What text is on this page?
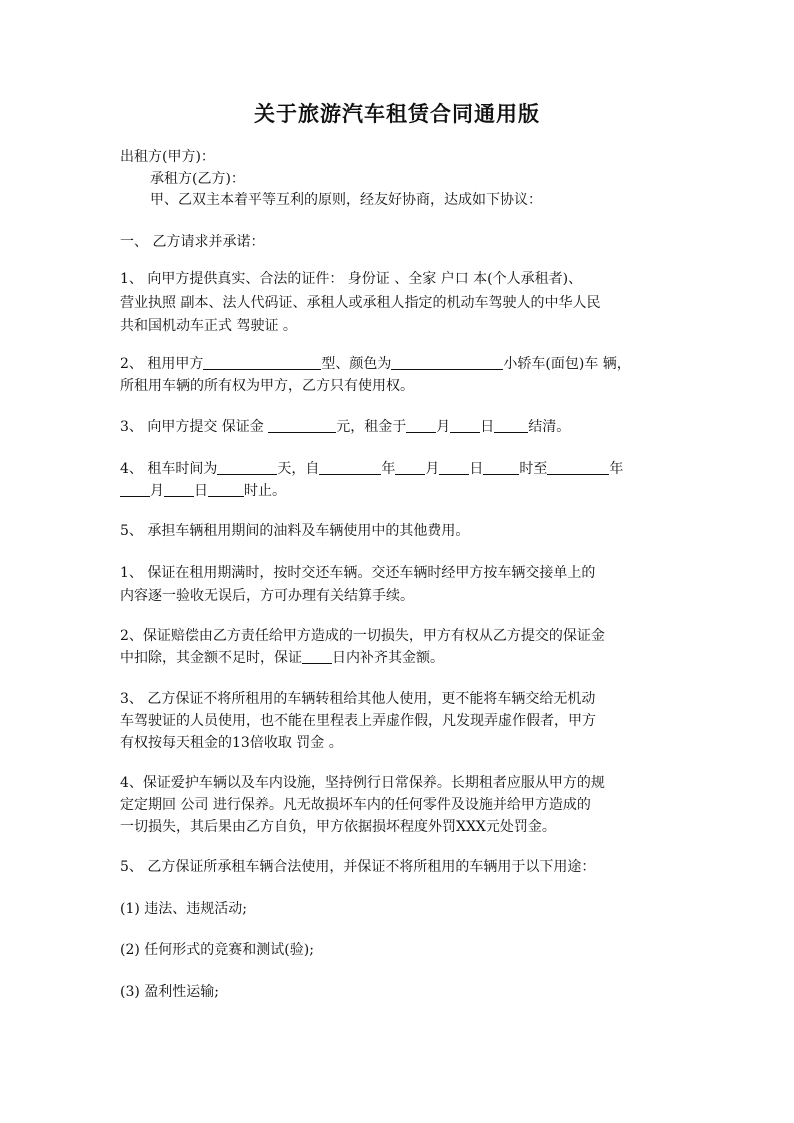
关于旅游汽车租赁合同通用版
出租方(甲方)：
承租方(乙方)：
甲、乙双主本着平等互利的原则，经友好协商，达成如下协议：
一、 乙方请求并承诺：
1、 向甲方提供真实、合法的证件： 身份证 、全家 户口 本(个人承租者)、
营业执照 副本、法人代码证、承租人或承租人指定的机动车驾驶人的中华人民
共和国机动车正式 驾驶证 。
2、 租用甲方	型、颜色为	小轿车(面包)车 辆，
所租用车辆的所有权为甲方，乙方只有使用权。
3、 向甲方提交 保证金	元，租金于 月 日 结清。
4、 租车时间为	天，自	年 月 日	时至	年
月 日	时止。
5、 承担车辆租用期间的油料及车辆使用中的其他费用。
1、 保证在租用期满时，按时交还车辆。交还车辆时经甲方按车辆交接单上的
内容逐一验收无误后，方可办理有关结算手续。
2、保证赔偿由乙方责任给甲方造成的一切损失，甲方有权从乙方提交的保证金
中扣除，其金额不足时，保证 日内补齐其金额。
3、 乙方保证不将所租用的车辆转租给其他人使用，更不能将车辆交给无机动
车驾驶证的人员使用，也不能在里程表上弄虚作假，凡发现弄虚作假者，甲方
有权按每天租金的13倍收取 罚金 。
4、保证爱护车辆以及车内设施，坚持例行日常保养。长期租者应服从甲方的规
定定期回 公司 进行保养。凡无故损坏车内的任何零件及设施并给甲方造成的
一切损失，其后果由乙方自负，甲方依据损坏程度外罚XXX元处罚金。
5、 乙方保证所承租车辆合法使用，并保证不将所租用的车辆用于以下用途：
(1) 违法、违规活动;
(2) 任何形式的竞赛和测试(验);
(3) 盈利性运输;
